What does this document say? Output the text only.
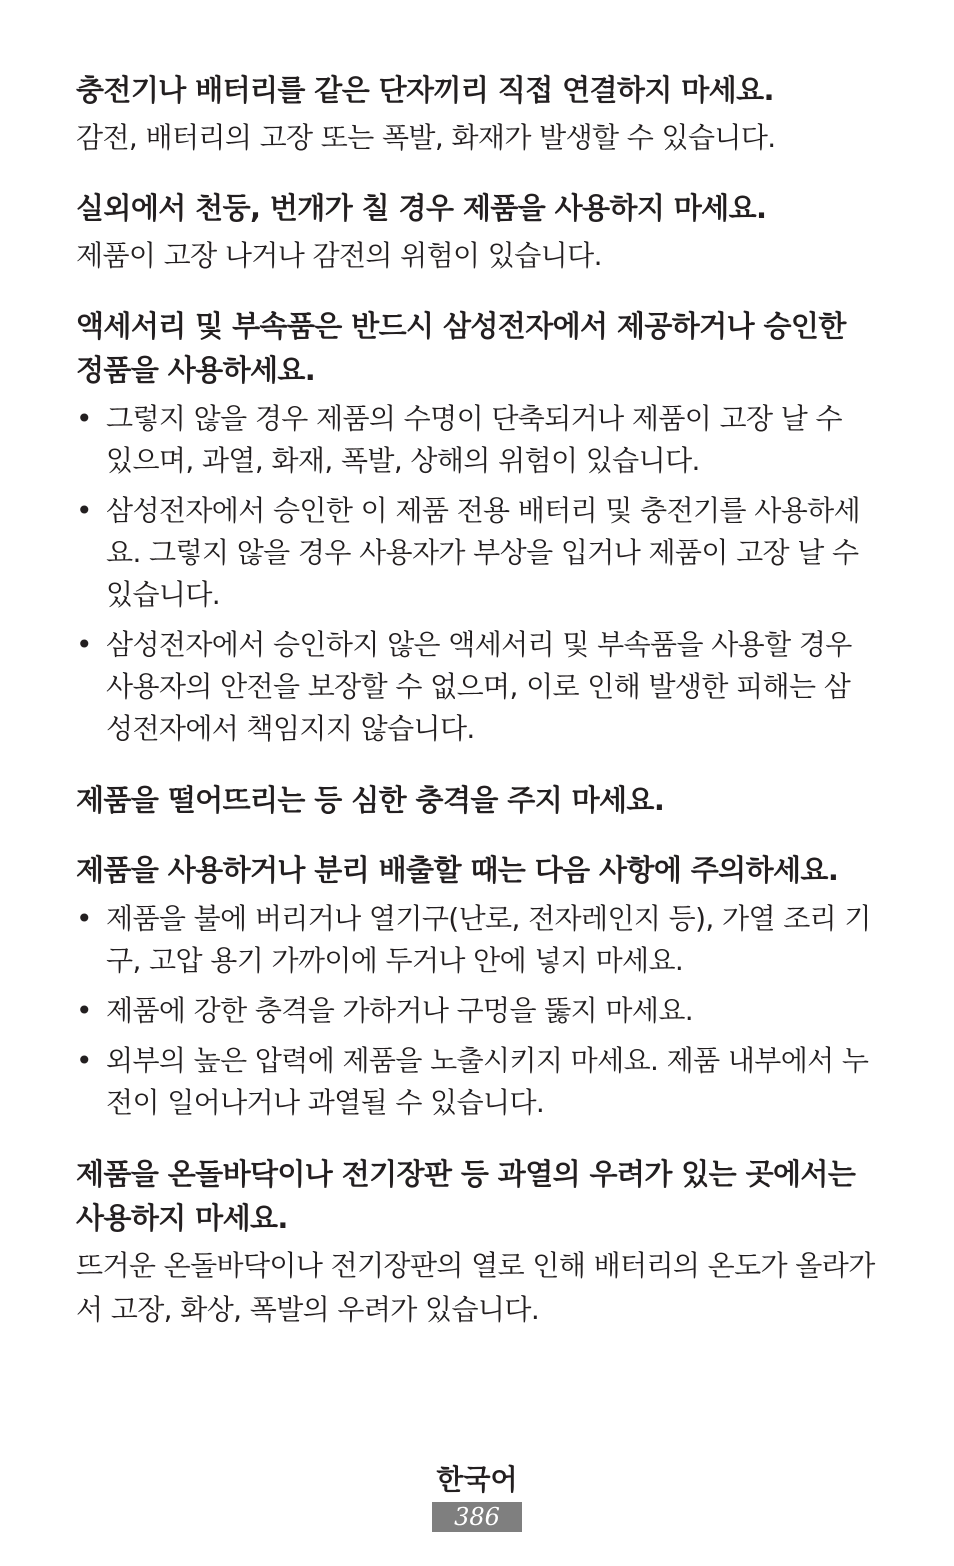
충전기나 배터리를 같은 단자끼리 직접 연결하지 마세요.

감전, 배터리의 고장 또는 폭발, 화재가 발생할 수 있습니다.

실외에서 천둥, 번개가 칠 경우 제품을 사용하지 마세요.

제품이 고장 나거나 감전의 위험이 있습니다.

액세서리 및 부속품은 반드시 삼성전자에서 제공하거나 승인한 정품을 사용하세요.

• 그렇지 않을 경우 제품의 수명이 단축되거나 제품이 고장 날 수 있으며, 과열, 화재, 폭발, 상해의 위험이 있습니다.
• 삼성전자에서 승인한 이 제품 전용 배터리 및 충전기를 사용하세요. 그렇지 않을 경우 사용자가 부상을 입거나 제품이 고장 날 수 있습니다.
• 삼성전자에서 승인하지 않은 액세서리 및 부속품을 사용할 경우 사용자의 안전을 보장할 수 없으며, 이로 인해 발생한 피해는 삼성전자에서 책임지지 않습니다.

제품을 떨어뜨리는 등 심한 충격을 주지 마세요.

제품을 사용하거나 분리 배출할 때는 다음 사항에 주의하세요.

• 제품을 불에 버리거나 열기구(난로, 전자레인지 등), 가열 조리 기구, 고압 용기 가까이에 두거나 안에 넣지 마세요.
• 제품에 강한 충격을 가하거나 구멍을 뚫지 마세요.
• 외부의 높은 압력에 제품을 노출시키지 마세요. 제품 내부에서 누전이 일어나거나 과열될 수 있습니다.

제품을 온돌바닥이나 전기장판 등 과열의 우려가 있는 곳에서는 사용하지 마세요.

뜨거운 온돌바닥이나 전기장판의 열로 인해 배터리의 온도가 올라가서 고장, 화상, 폭발의 우려가 있습니다.

한국어

386
